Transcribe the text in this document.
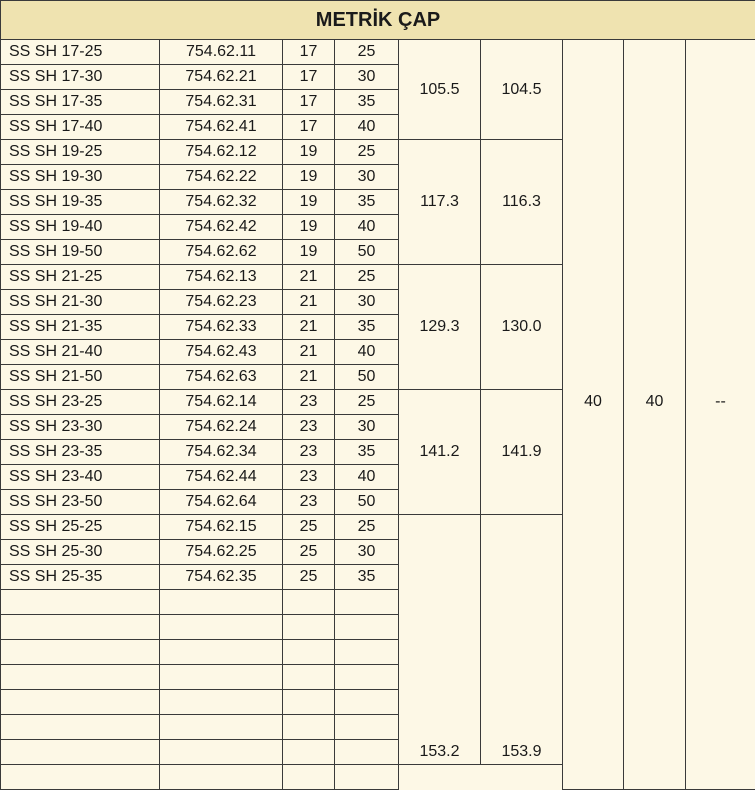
METRİK ÇAP								
SS SH 17-25	754.62.11	17	25	105.5	104.5	40	40	--
SS SH 17-30	754.62.21	17	30					
SS SH 17-35	754.62.31	17	35					
SS SH 17-40	754.62.41	17	40					
SS SH 19-25	754.62.12	19	25	117.3	116.3			
SS SH 19-30	754.62.22	19	30					
SS SH 19-35	754.62.32	19	35					
SS SH 19-40	754.62.42	19	40					
SS SH 19-50	754.62.62	19	50					
SS SH 21-25	754.62.13	21	25	129.3	130.0			
SS SH 21-30	754.62.23	21	30					
SS SH 21-35	754.62.33	21	35					
SS SH 21-40	754.62.43	21	40					
SS SH 21-50	754.62.63	21	50					
SS SH 23-25	754.62.14	23	25	141.2	141.9			
SS SH 23-30	754.62.24	23	30					
SS SH 23-35	754.62.34	23	35					
SS SH 23-40	754.62.44	23	40					
SS SH 23-50	754.62.64	23	50					
SS SH 25-25	754.62.15	25	25	153.2	153.9			
SS SH 25-30	754.62.25	25	30					
SS SH 25-35	754.62.35	25	35					
